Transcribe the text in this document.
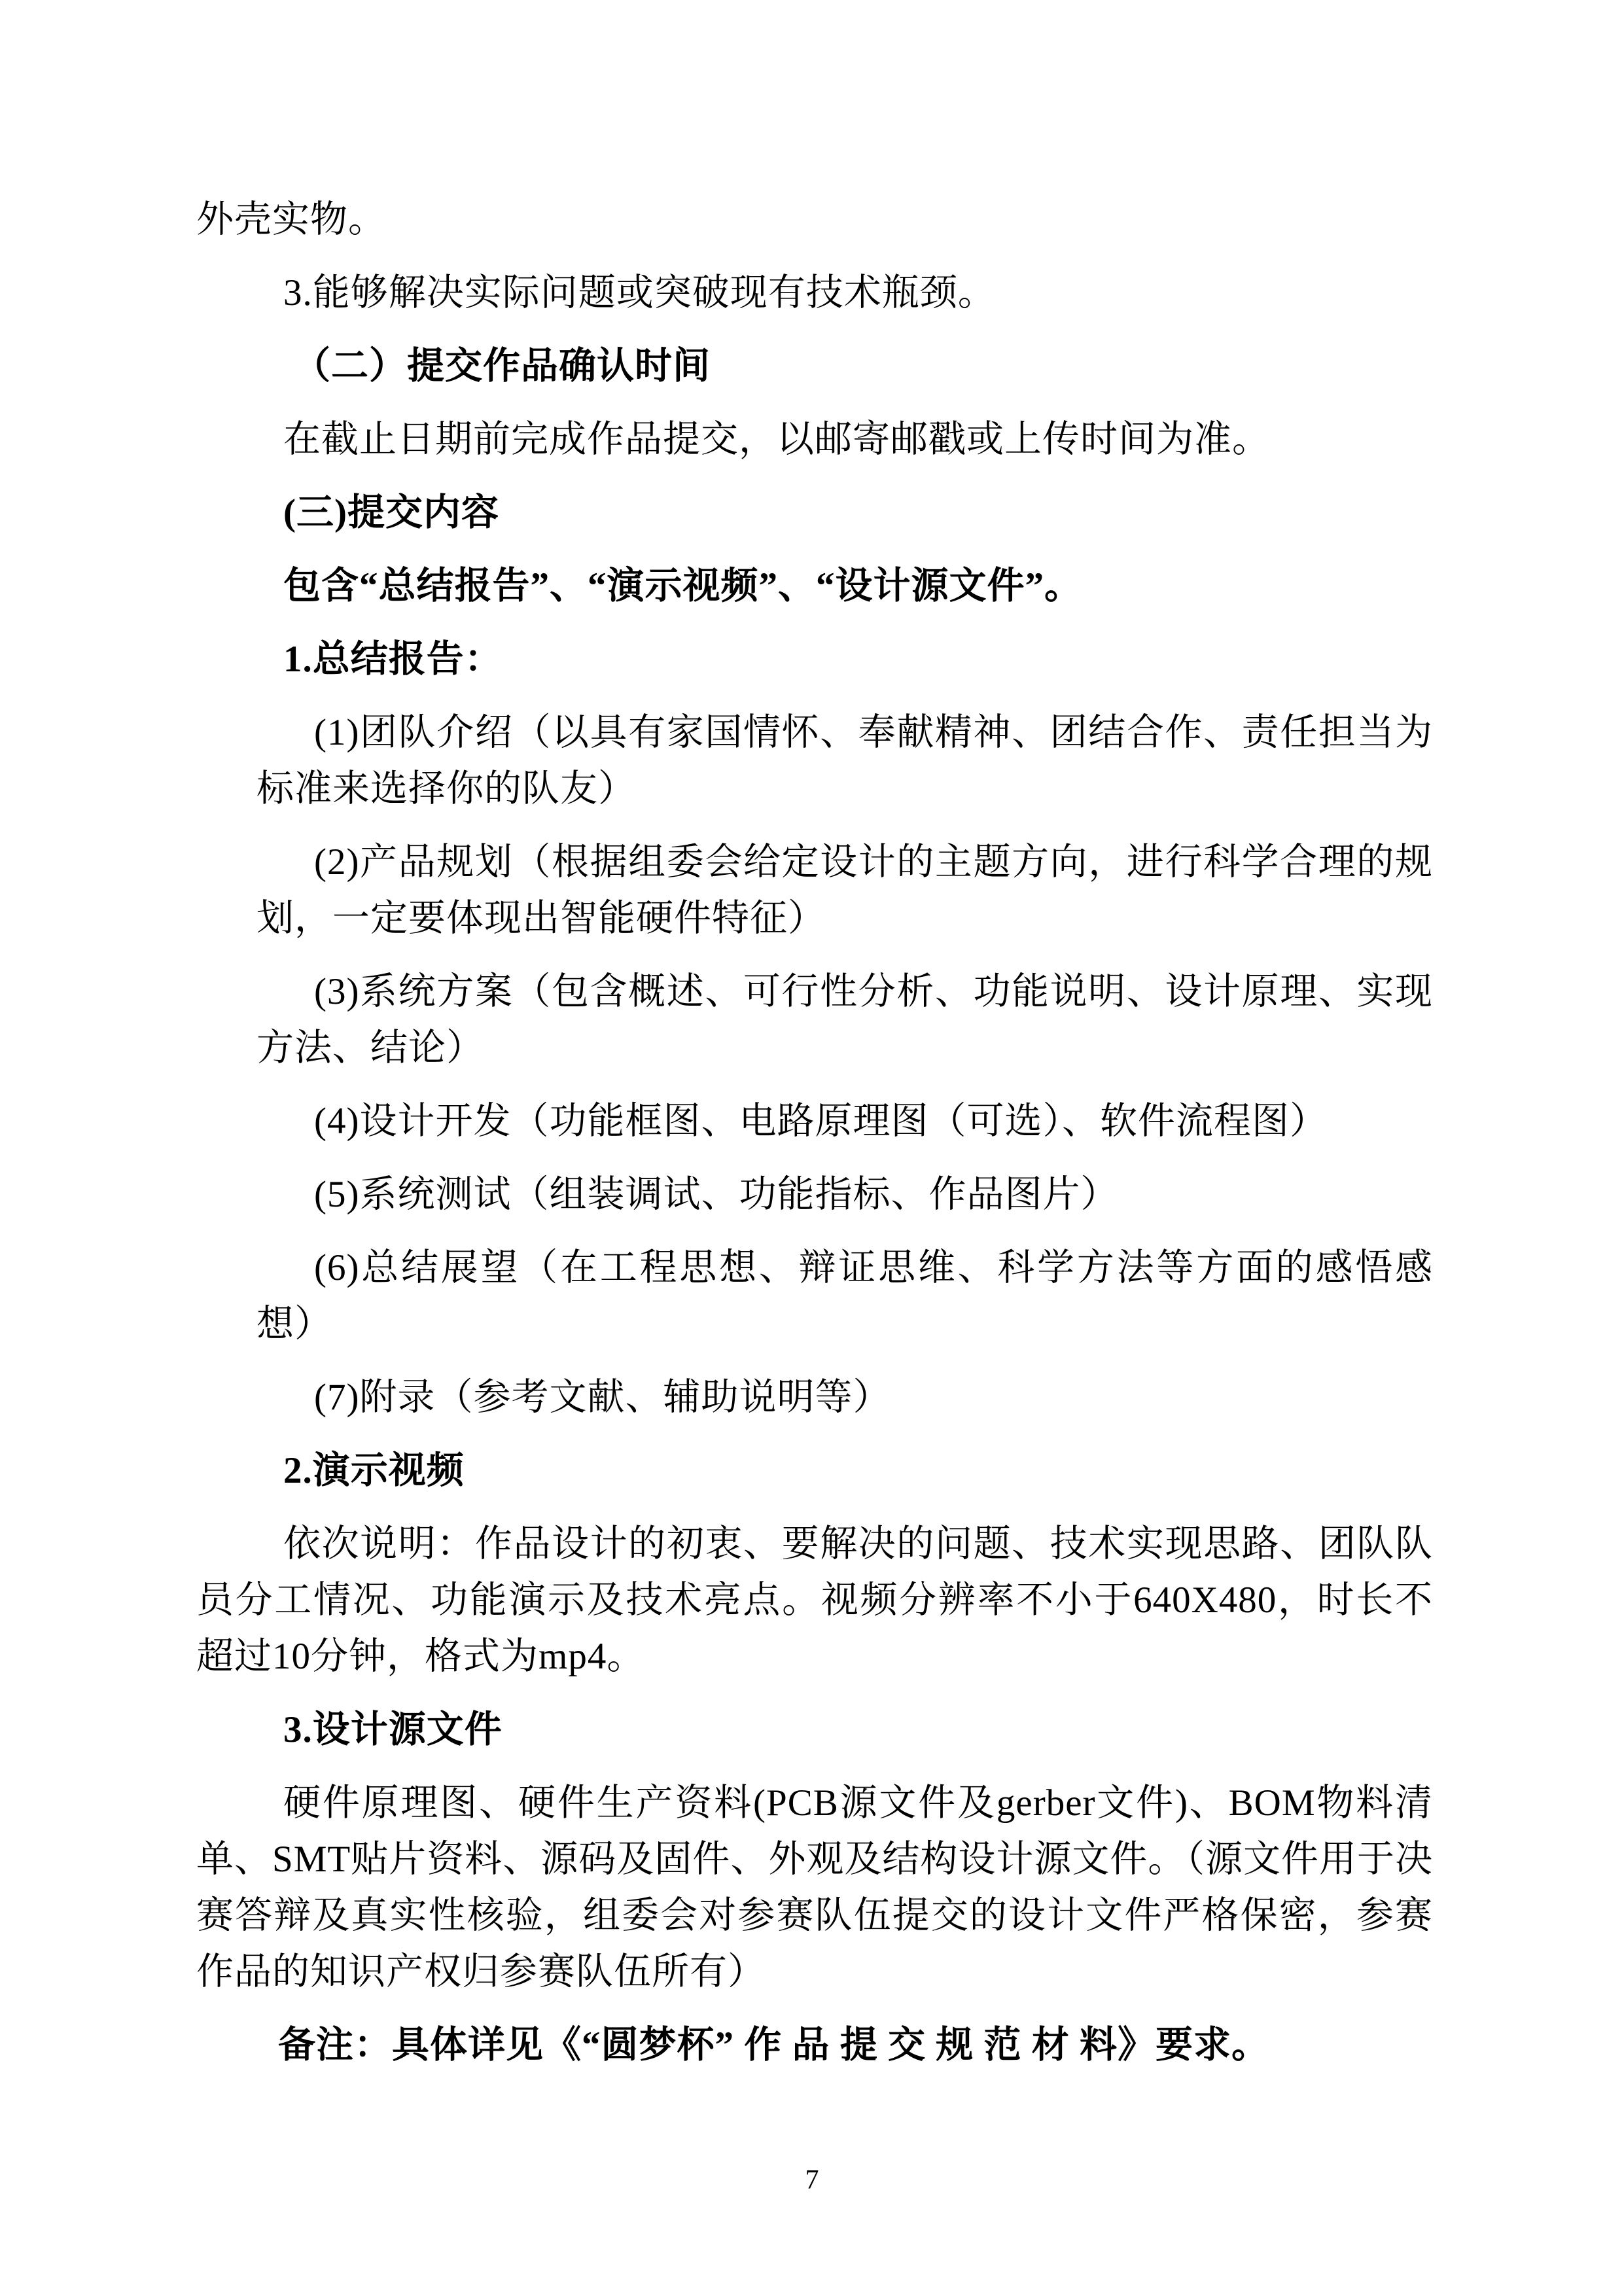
外壳实物。

3.能够解决实际问题或突破现有技术瓶颈。

（二）提交作品确认时间

在截止日期前完成作品提交，以邮寄邮戳或上传时间为准。

(三)提交内容

包含“总结报告”、“演示视频”、“设计源文件”。

1.总结报告：

(1)团队介绍（以具有家国情怀、奉献精神、团结合作、责任担当为标准来选择你的队友）

(2)产品规划（根据组委会给定设计的主题方向，进行科学合理的规划，一定要体现出智能硬件特征）

(3)系统方案（包含概述、可行性分析、功能说明、设计原理、实现方法、结论）

(4)设计开发（功能框图、电路原理图（可选）、软件流程图）

(5)系统测试（组装调试、功能指标、作品图片）

(6)总结展望（在工程思想、辩证思维、科学方法等方面的感悟感想）

(7)附录（参考文献、辅助说明等）

2.演示视频

依次说明：作品设计的初衷、要解决的问题、技术实现思路、团队队员分工情况、功能演示及技术亮点。视频分辨率不小于640X480，时长不超过10分钟，格式为mp4。

3.设计源文件

硬件原理图、硬件生产资料(PCB源文件及gerber文件)、BOM物料清单、SMT贴片资料、源码及固件、外观及结构设计源文件。（源文件用于决赛答辩及真实性核验，组委会对参赛队伍提交的设计文件严格保密，参赛作品的知识产权归参赛队伍所有）

备注：具体详见《“圆梦杯” 作 品 提 交 规 范 材 料》要求。

7
